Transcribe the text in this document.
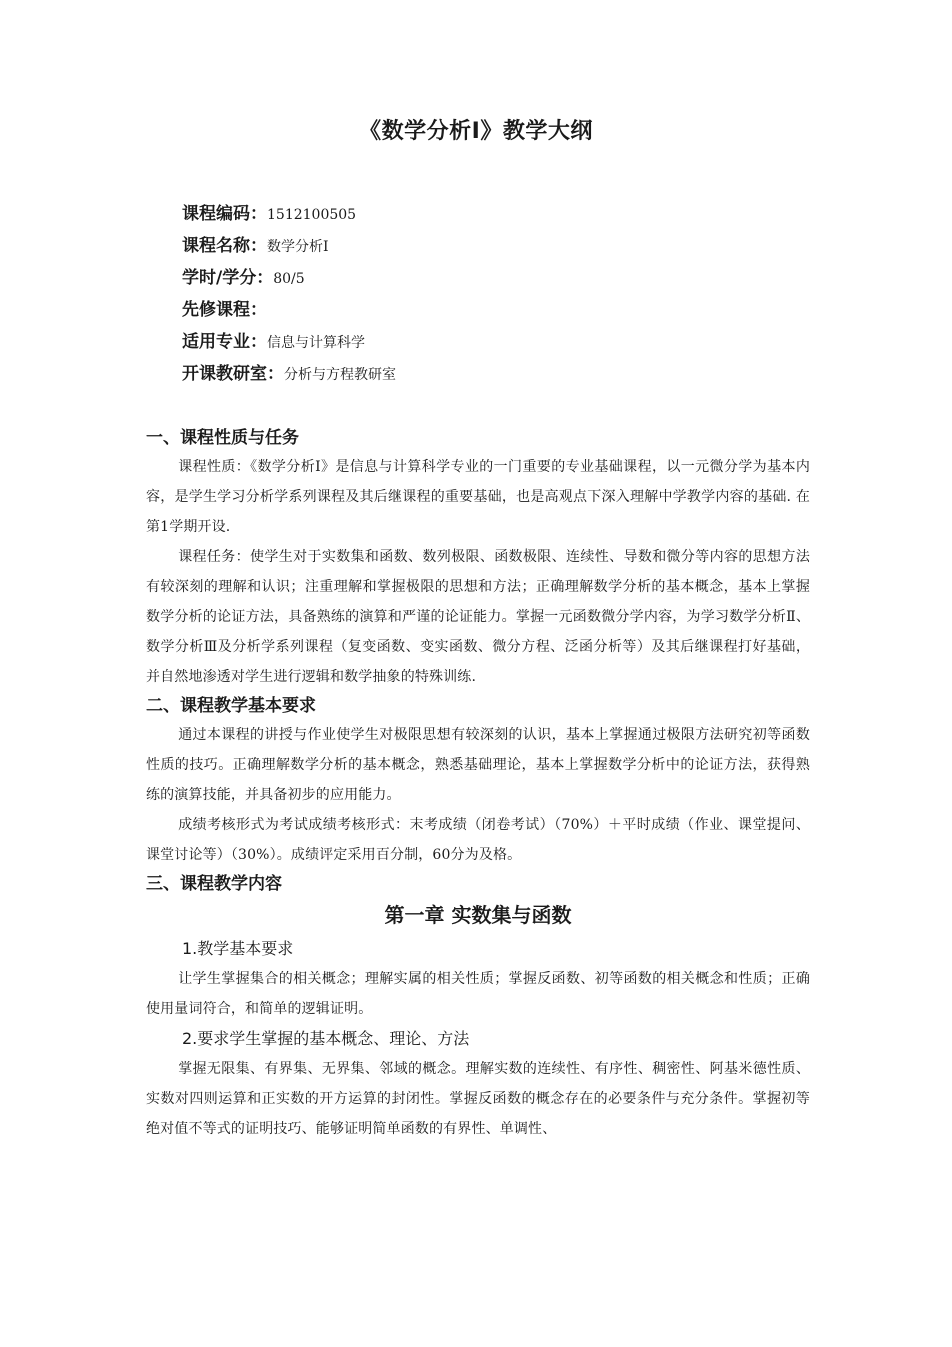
《数学分析Ⅰ》教学大纲
课程编码：1512100505
课程名称：数学分析Ⅰ
学时/学分：80/5
先修课程：
适用专业：信息与计算科学
开课教研室：分析与方程教研室
一、课程性质与任务

课程性质：《数学分析Ⅰ》是信息与计算科学专业的一门重要的专业基础课程，以一元微分学为基本内容，是学生学习分析学系列课程及其后继课程的重要基础，也是高观点下深入理解中学教学内容的基础. 在第1学期开设.

课程任务：使学生对于实数集和函数、数列极限、函数极限、连续性、导数和微分等内容的思想方法有较深刻的理解和认识；注重理解和掌握极限的思想和方法；正确理解数学分析的基本概念，基本上掌握数学分析的论证方法，具备熟练的演算和严谨的论证能力。掌握一元函数微分学内容，为学习数学分析Ⅱ、数学分析Ⅲ及分析学系列课程（复变函数、变实函数、微分方程、泛函分析等）及其后继课程打好基础，并自然地渗透对学生进行逻辑和数学抽象的特殊训练.

二、课程教学基本要求

通过本课程的讲授与作业使学生对极限思想有较深刻的认识，基本上掌握通过极限方法研究初等函数性质的技巧。正确理解数学分析的基本概念，熟悉基础理论，基本上掌握数学分析中的论证方法，获得熟练的演算技能，并具备初步的应用能力。

成绩考核形式为考试成绩考核形式：末考成绩（闭卷考试）（70%）＋平时成绩（作业、课堂提问、课堂讨论等）（30%）。成绩评定采用百分制，60分为及格。

三、课程教学内容
第一章 实数集与函数
1.教学基本要求

让学生掌握集合的相关概念；理解实属的相关性质；掌握反函数、初等函数的相关概念和性质；正确使用量词符合，和简单的逻辑证明。

2.要求学生掌握的基本概念、理论、方法

掌握无限集、有界集、无界集、邻域的概念。理解实数的连续性、有序性、稠密性、阿基米德性质、实数对四则运算和正实数的开方运算的封闭性。掌握反函数的概念存在的必要条件与充分条件。掌握初等绝对值不等式的证明技巧、能够证明简单函数的有界性、单调性、
